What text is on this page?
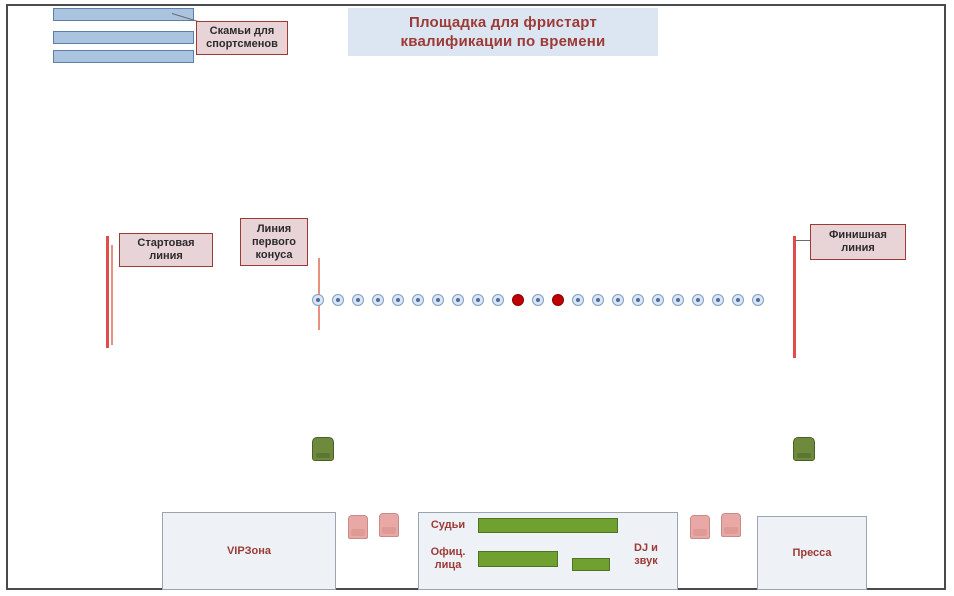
Площадка для фристарт
квалификации по времени
Скамьи для
спортсменов
Стартовая
линия
Линия
первого
конуса
Финишная
линия
VIPЗона	Пресса
Судьи
Офиц.
лица
DJ и
звук
